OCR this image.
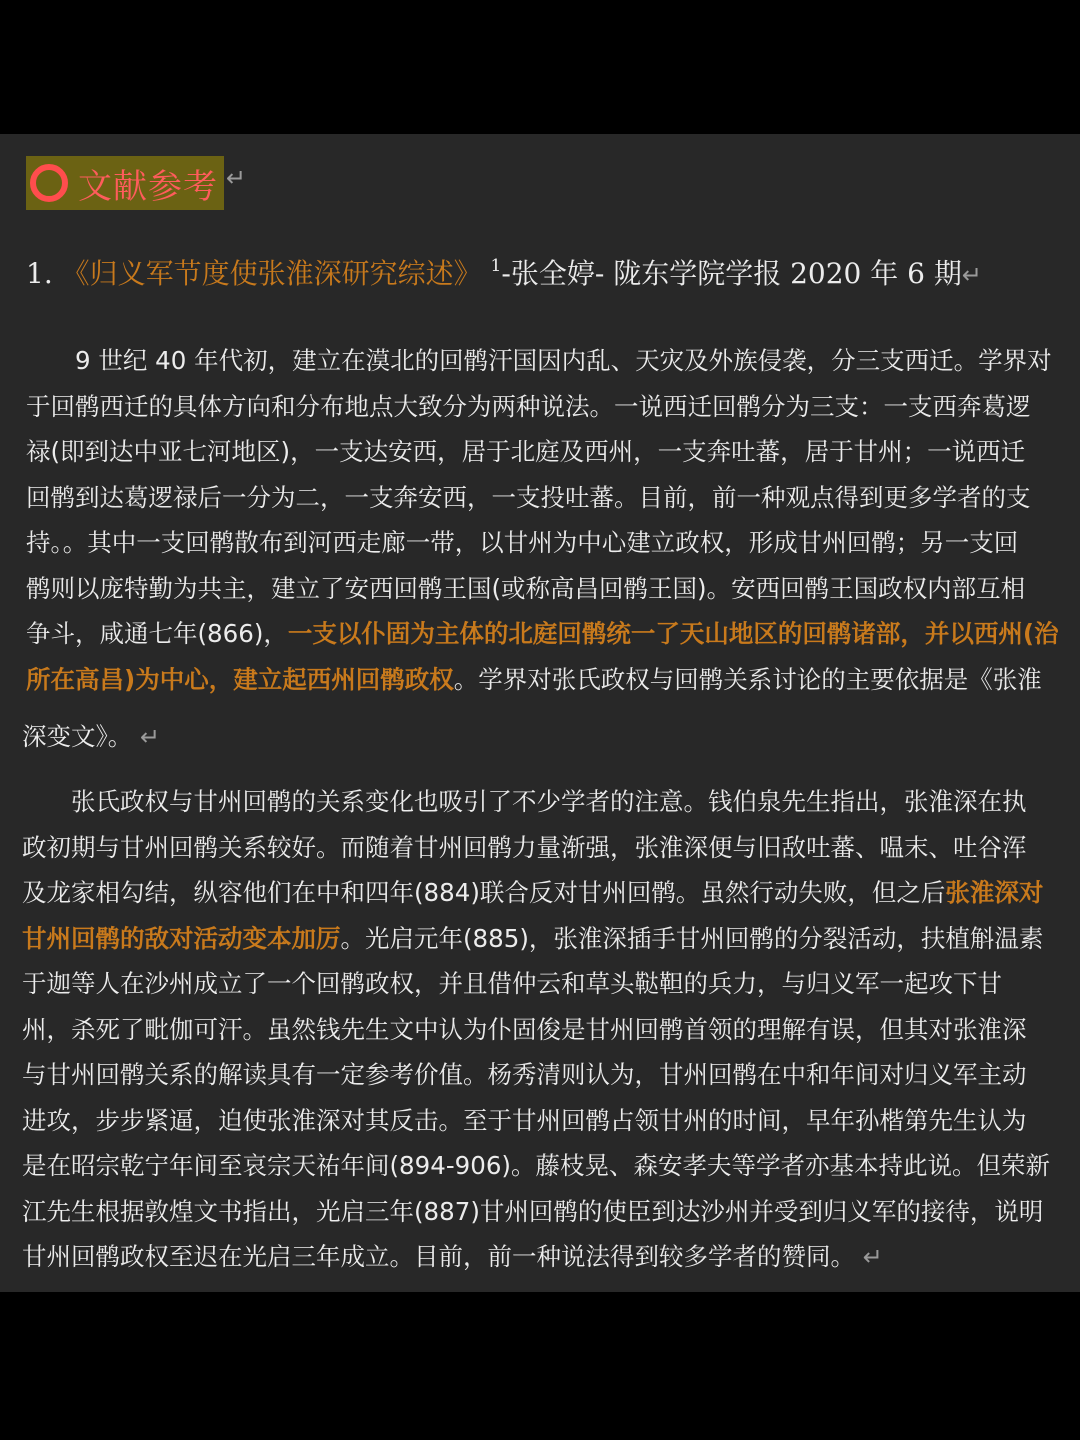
文献参考 ↵
1. 《归义军节度使张淮深研究综述》 $^1$-张全婷- 陇东学院学报 2020 年 6 期↵

　　9 世纪 40 年代初，建立在漠北的回鹘汗国因内乱、天灾及外族侵袭，分三支西迁。学界对
于回鹘西迁的具体方向和分布地点大致分为两种说法。一说西迁回鹘分为三支：一支西奔葛逻
禄(即到达中亚七河地区)，一支达安西，居于北庭及西州，一支奔吐蕃，居于甘州；一说西迁
回鹘到达葛逻禄后一分为二，一支奔安西，一支投吐蕃。目前，前一种观点得到更多学者的支
持。。其中一支回鹘散布到河西走廊一带，以甘州为中心建立政权，形成甘州回鹘；另一支回
鹘则以庞特勤为共主，建立了安西回鹘王国(或称高昌回鹘王国)。安西回鹘王国政权内部互相
争斗，咸通七年(866)，一支以仆固为主体的北庭回鹘统一了天山地区的回鹘诸部，并以西州(治
所在高昌)为中心，建立起西州回鹘政权。学界对张氏政权与回鹘关系讨论的主要依据是《张淮

深变文》。 ↵

　　张氏政权与甘州回鹘的关系变化也吸引了不少学者的注意。钱伯泉先生指出，张淮深在执
政初期与甘州回鹘关系较好。而随着甘州回鹘力量渐强，张淮深便与旧敌吐蕃、嗢末、吐谷浑
及龙家相勾结，纵容他们在中和四年(884)联合反对甘州回鹘。虽然行动失败，但之后张淮深对
甘州回鹘的敌对活动变本加厉。光启元年(885)，张淮深插手甘州回鹘的分裂活动，扶植斛温素
于迦等人在沙州成立了一个回鹘政权，并且借仲云和草头鞑靼的兵力，与归义军一起攻下甘
州，杀死了毗伽可汗。虽然钱先生文中认为仆固俊是甘州回鹘首领的理解有误，但其对张淮深
与甘州回鹘关系的解读具有一定参考价值。杨秀清则认为，甘州回鹘在中和年间对归义军主动
进攻，步步紧逼，迫使张淮深对其反击。至于甘州回鹘占领甘州的时间，早年孙楷第先生认为
是在昭宗乾宁年间至哀宗天祐年间(894-906)。藤枝晃、森安孝夫等学者亦基本持此说。但荣新
江先生根据敦煌文书指出，光启三年(887)甘州回鹘的使臣到达沙州并受到归义军的接待，说明
甘州回鹘政权至迟在光启三年成立。目前，前一种说法得到较多学者的赞同。 ↵
